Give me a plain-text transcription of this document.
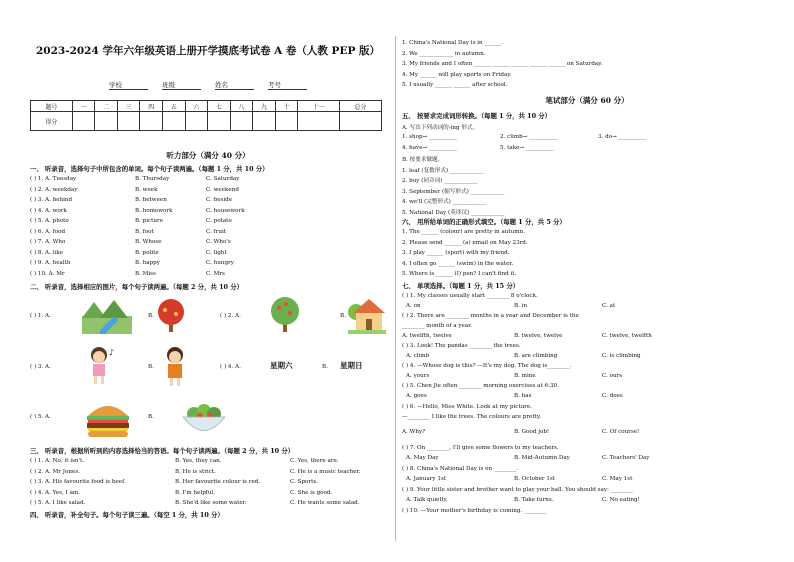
2023-2024 学年六年级英语上册开学摸底考试卷 A 卷（人教 PEP 版）
学校	班级	姓名	考号
题号	一	二	三	四	五	六	七	八	九	十	十一	总分
得分												
听力部分（满分 40 分）
一、 听录音，选择句子中所包含的单词。每个句子读两遍。（每题 1 分，共 10 分）
( ) 1. A. Tuesday	B. Thursday	C. Saturday
( ) 2. A. weekday	B. week	C. weekend
( ) 3. A. behind	B. between	C. beside
( ) 4. A. work	B. homework	C. housework
( ) 5. A. photo	B. picture	C. potato
( ) 6. A. food	B. foot	C. fruit
( ) 7. A. Who	B. Whose	C. Who's
( ) 8. A. like	B. polite	C. light
( ) 9. A. health	B. happy	C. hungry
( ) 10. A. Mr	B. Miss	C. Mrs
二、 听录音，选择相应的图片，每个句子读两遍。（每题 2 分，共 10 分）
( ) 1. A.	B.	( ) 2. A.	B.
( ) 3. A.	B.	( ) 4. A.	B.
♪
星期六	星期日
( ) 5. A.	B.
三、 听录音，根据所听到的内容选择恰当的答语。每个句子读两遍。（每题 2 分，共 10 分）
( ) 1. A. No, it isn't.	B. Yes, they can.	C. Yes, there are.
( ) 2. A. Mr Jones.	B. He is strict.	C. He is a music teacher.
( ) 3. A. His favourite food is beef.	B. Her favourite colour is red.	C. Sports.
( ) 4. A. Yes, I am.	B. I'm helpful.	C. She is good.
( ) 5. A. I like salad.	B. She'd like some water.	C. He wants some salad.
四、 听录音，补全句子。每个句子读三遍。（每空 1 分，共 10 分）
1. China's National Day is in ______.
2. We ____________ in autumn.
3. My friends and I often ______ ______ ______ ______ ______ on Saturday.
4. My ______ will play sports on Friday.
5. I usually ______ ______ after school.
笔试部分（满分 60 分）
五、 按要求完成词形转换。（每题 1 分，共 10 分）
A. 写出下列动词的-ing 形式。
1. shop→ __________	2. climb→ __________	3. do→ __________
4. have→ __________	5. take→ __________
B. 按要求做题。
1. leaf (复数形式) ____________
2. buy (同音词) ____________
3. September (缩写形式) ____________
4. we'll (完整形式) ____________
5. National Day (英译汉) ____________
六、 用所给单词的正确形式填空。（每题 1 分，共 5 分）
1. The ______ (colour) are pretty in autumn.
2. Please send ______ (a) email on May 23rd.
3. I play ______ (sport) with my friend.
4. I often go ______ (swim) in the water.
5. Where is ______ (I) pen? I can't find it.
七、 单项选择。（每题 1 分，共 15 分）
( ) 1. My classes usually start ________ 8 o'clock.
A. on	B. in	C. at
( ) 2. There are ________ months in a year and December is the
________ month of a year.
A. twelfth, twelve	B. twelve, twelve	C. twelve, twelfth
( ) 3. Look! The pandas ________ the trees.
A. climb	B. are climbing	C. is climbing
( ) 4. —Whose dog is this? —It's my dog. The dog is________.
A. yours	B. mine	C. ours
( ) 5. Chen Jie often ________ morning exercises at 6:30.
A. goes	B. has	C. does
( ) 6. —Hello, Miss White. Look at my picture.
—________ I like the trees. The colours are pretty.
A. Why?	B. Good job!	C. Of course!
( ) 7. On ________, I'll give some flowers to my teachers.
A. May Day	B. Mid-Autumn Day	C. Teachers' Day
( ) 8. China's National Day is on ________.
A. January 1st	B. October 1st	C. May 1st
( ) 9. Your little sister and brother want to play your ball. You should say: ________
A. Talk quietly.	B. Take turns.	C. No eating!
( ) 10. —Your mother's birthday is coming. ________
